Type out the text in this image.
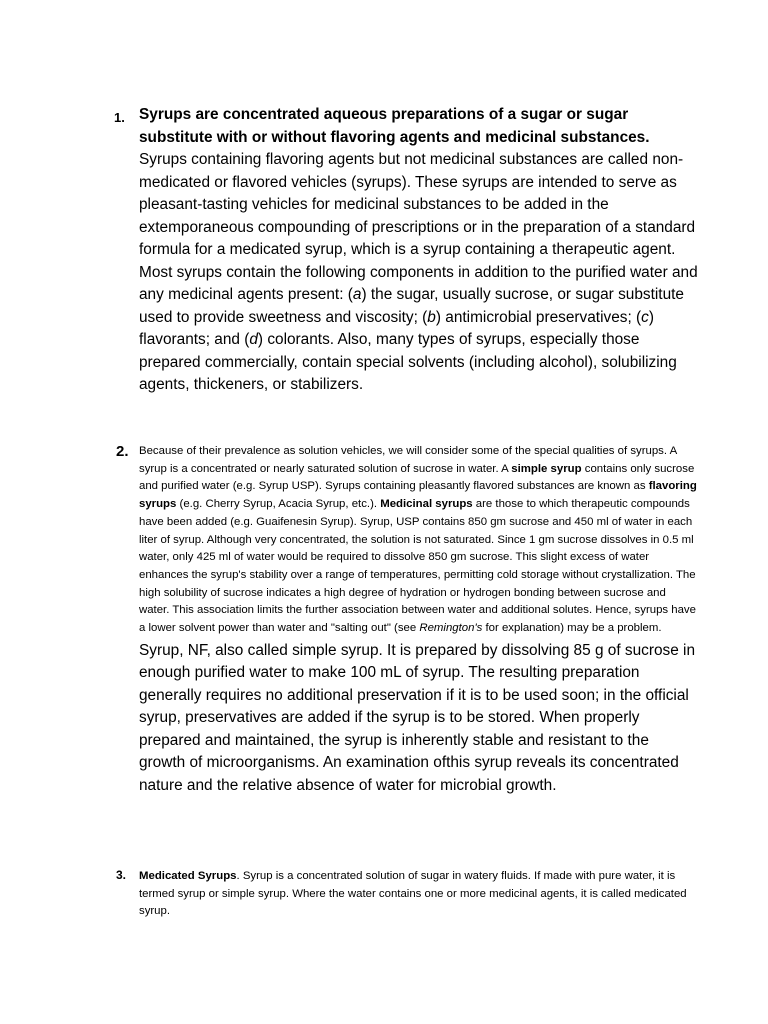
1. Syrups are concentrated aqueous preparations of a sugar or sugar substitute with or without flavoring agents and medicinal substances.

Syrups containing flavoring agents but not medicinal substances are called non-medicated or flavored vehicles (syrups). These syrups are intended to serve as pleasant-tasting vehicles for medicinal substances to be added in the extemporaneous compounding of prescriptions or in the preparation of a standard formula for a medicated syrup, which is a syrup containing a therapeutic agent.

Most syrups contain the following components in addition to the purified water and any medicinal agents present: (a) the sugar, usually sucrose, or sugar substitute used to provide sweetness and viscosity; (b) antimicrobial preservatives; (c) flavorants; and (d) colorants. Also, many types of syrups, especially those prepared commercially, contain special solvents (including alcohol), solubilizing agents, thickeners, or stabilizers.

2. Because of their prevalence as solution vehicles, we will consider some of the special qualities of syrups. A syrup is a concentrated or nearly saturated solution of sucrose in water. A simple syrup contains only sucrose and purified water (e.g. Syrup USP). Syrups containing pleasantly flavored substances are known as flavoring syrups (e.g. Cherry Syrup, Acacia Syrup, etc.). Medicinal syrups are those to which therapeutic compounds have been added (e.g. Guaifenesin Syrup). Syrup, USP contains 850 gm sucrose and 450 ml of water in each liter of syrup. Although very concentrated, the solution is not saturated. Since 1 gm sucrose dissolves in 0.5 ml water, only 425 ml of water would be required to dissolve 850 gm sucrose. This slight excess of water enhances the syrup's stability over a range of temperatures, permitting cold storage without crystallization. The high solubility of sucrose indicates a high degree of hydration or hydrogen bonding between sucrose and water. This association limits the further association between water and additional solutes. Hence, syrups have a lower solvent power than water and "salting out" (see Remington's for explanation) may be a problem.

Syrup, NF, also called simple syrup. It is prepared by dissolving 85 g of sucrose in enough purified water to make 100 mL of syrup. The resulting preparation generally requires no additional preservation if it is to be used soon; in the official syrup, preservatives are added if the syrup is to be stored. When properly prepared and maintained, the syrup is inherently stable and resistant to the growth of microorganisms. An examination ofthis syrup reveals its concentrated nature and the relative absence of water for microbial growth.

3. Medicated Syrups. Syrup is a concentrated solution of sugar in watery fluids. If made with pure water, it is termed syrup or simple syrup. Where the water contains one or more medicinal agents, it is called medicated syrup.
